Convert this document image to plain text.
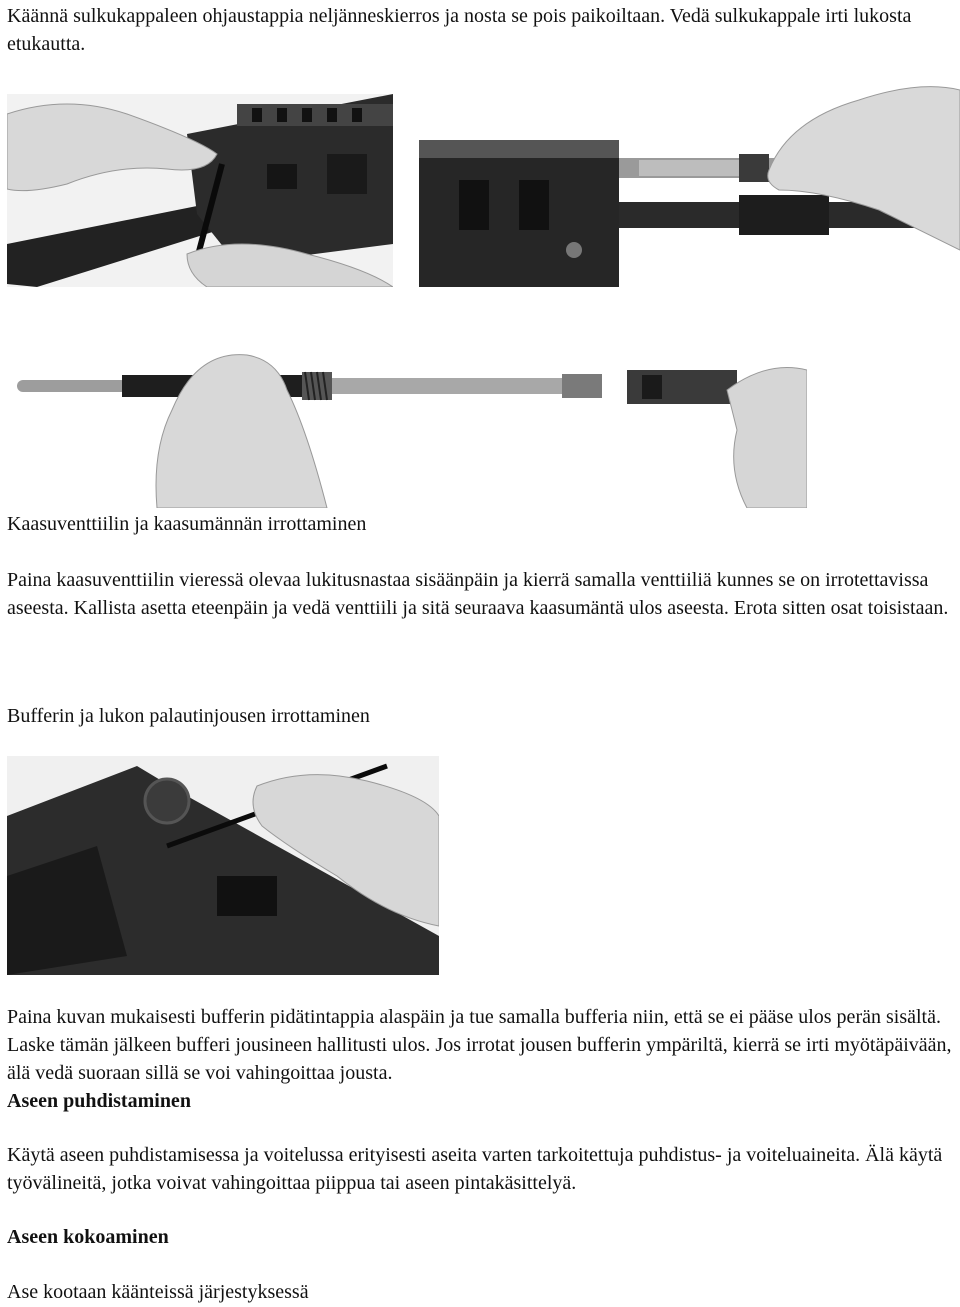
Käännä sulkukappaleen ohjaustappia neljänneskierros ja nosta se pois paikoiltaan. Vedä sulkukappale irti lukosta etukautta.
Kaasuventtiilin ja kaasumännän irrottaminen
Paina kaasuventtiilin vieressä olevaa lukitusnastaa sisäänpäin ja kierrä samalla venttiiliä kunnes se on irrotettavissa aseesta. Kallista asetta eteenpäin ja vedä venttiili ja sitä seuraava kaasumäntä ulos aseesta. Erota sitten osat toisistaan.
Bufferin ja lukon palautinjousen irrottaminen
Paina kuvan mukaisesti bufferin pidätintappia alaspäin ja tue samalla bufferia niin, että se ei pääse ulos perän sisältä. Laske tämän jälkeen bufferi jousineen hallitusti ulos. Jos irrotat jousen bufferin ympäriltä, kierrä se irti myötäpäivään, älä vedä suoraan sillä se voi vahingoittaa jousta.
Aseen puhdistaminen
Käytä aseen puhdistamisessa ja voitelussa erityisesti aseita varten tarkoitettuja puhdistus- ja voiteluaineita. Älä käytä työvälineitä, jotka voivat vahingoittaa piippua tai aseen pintakäsittelyä.
Aseen kokoaminen
Ase kootaan käänteissä järjestyksessä
